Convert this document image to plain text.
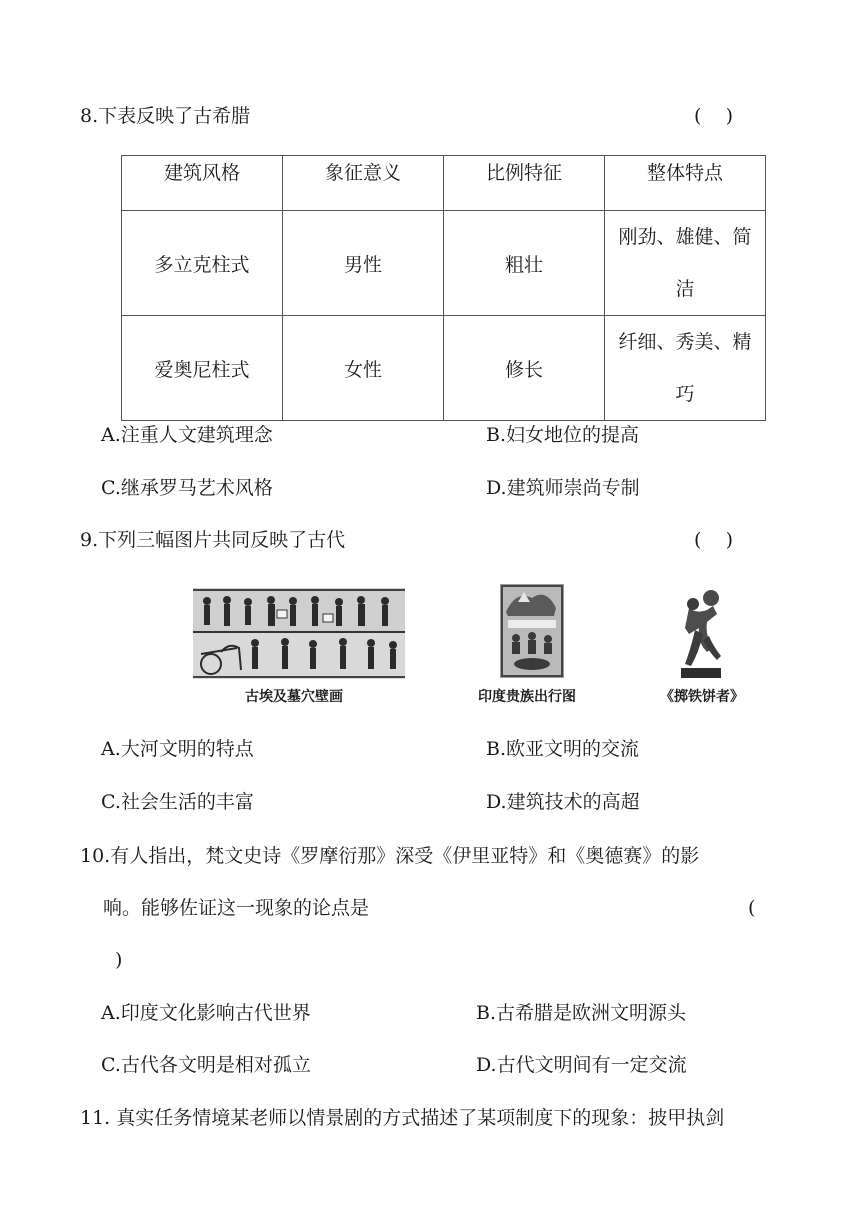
8.下表反映了古希腊	(    )
建筑风格	象征意义	比例特征	整体特点
多立克柱式	男性	粗壮	刚劲、雄健、简洁
爱奥尼柱式	女性	修长	纤细、秀美、精巧
A.注重人文建筑理念	B.妇女地位的提高
C.继承罗马艺术风格	D.建筑师崇尚专制
9.下列三幅图片共同反映了古代	(    )
古埃及墓穴壁画	印度贵族出行图	《掷铁饼者》
A.大河文明的特点	B.欧亚文明的交流
C.社会生活的丰富	D.建筑技术的高超
10.有人指出，梵文史诗《罗摩衍那》深受《伊里亚特》和《奥德赛》的影
响。能够佐证这一现象的论点是	(
)
A.印度文化影响古代世界	B.古希腊是欧洲文明源头
C.古代各文明是相对孤立	D.古代文明间有一定交流
11. 真实任务情境某老师以情景剧的方式描述了某项制度下的现象：披甲执剑
